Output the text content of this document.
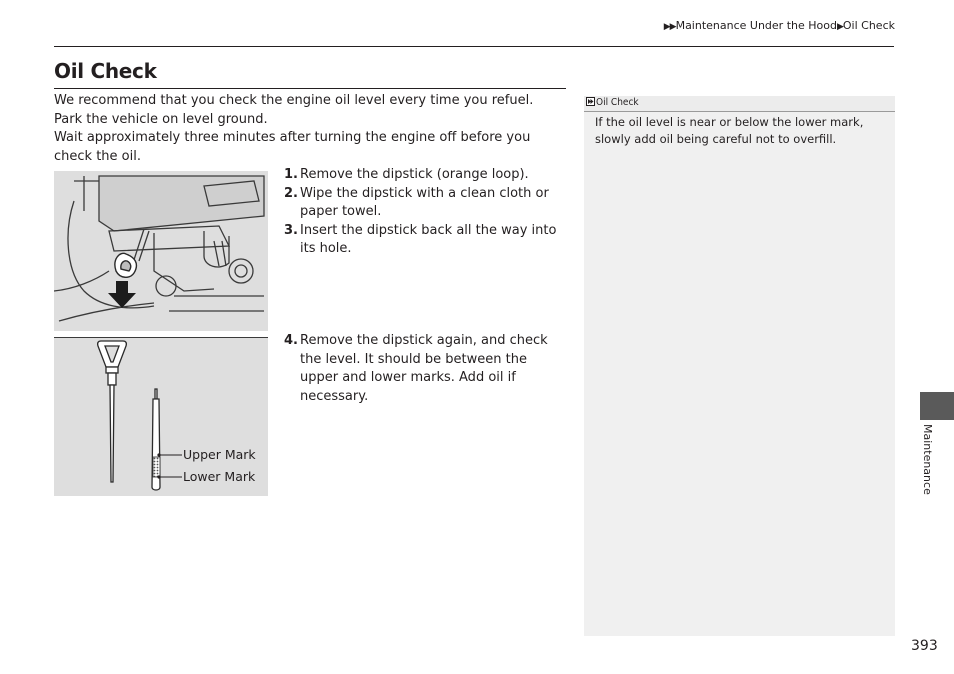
▶▶Maintenance Under the Hood▶Oil Check
Oil Check

We recommend that you check the engine oil level every time you refuel.

Park the vehicle on level ground.

Wait approximately three minutes after turning the engine off before you check the oil.

1. Remove the dipstick (orange loop).
2. Wipe the dipstick with a clean cloth or paper towel.
3. Insert the dipstick back all the way into its hole.
Upper Mark
Lower Mark
4. Remove the dipstick again, and check the level. It should be between the upper and lower marks. Add oil if necessary.
Oil Check
If the oil level is near or below the lower mark, slowly add oil being careful not to overfill.
Maintenance
393
